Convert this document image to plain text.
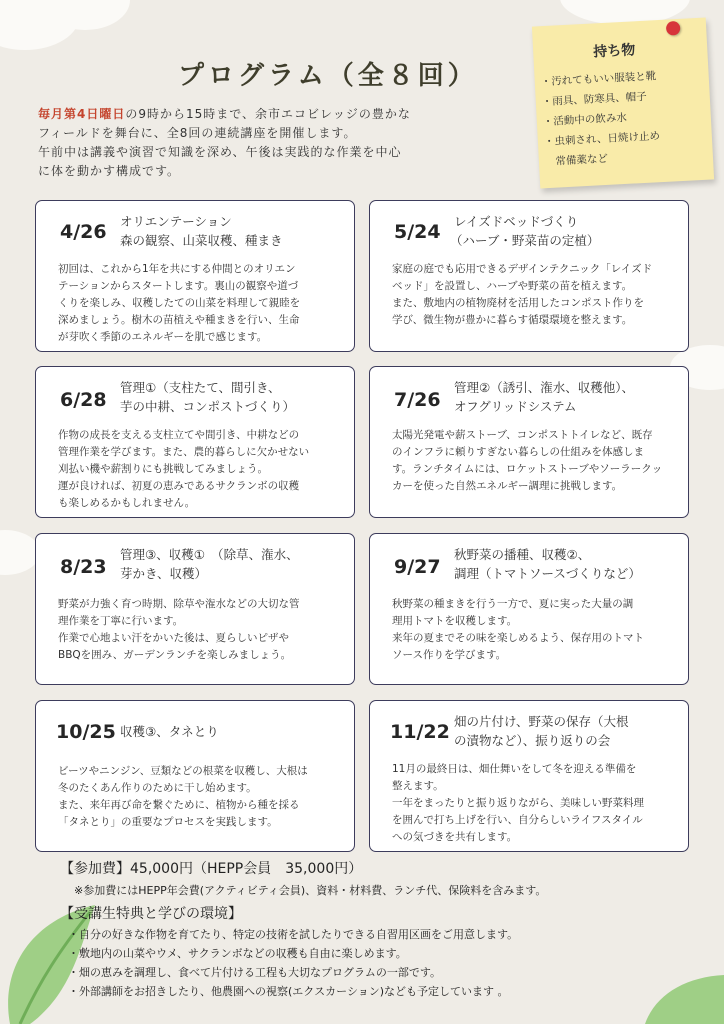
プログラム（全８回）
毎月第4日曜日の9時から15時まで、余市エコビレッジの豊かな
フィールドを舞台に、全8回の連続講座を開催します。
午前中は講義や演習で知識を深め、午後は実践的な作業を中心
に体を動かす構成です。
持ち物
・汚れてもいい服装と靴
・雨具、防寒具、帽子
・活動中の飲み水
・虫刺され、日焼け止め
　常備薬など
4/26 オリエンテーション
森の観察、山菜収穫、種まき
初回は、これから1年を共にする仲間とのオリエン
テーションからスタートします。裏山の観察や道づ
くりを楽しみ、収穫したての山菜を料理して親睦を
深めましょう。樹木の苗植えや種まきを行い、生命
が芽吹く季節のエネルギーを肌で感じます。
5/24 レイズドベッドづくり
（ハーブ・野菜苗の定植）
家庭の庭でも応用できるデザインテクニック「レイズド
ベッド」を設置し、ハーブや野菜の苗を植えます。
また、敷地内の植物廃材を活用したコンポスト作りを
学び、微生物が豊かに暮らす循環環境を整えます。
6/28
管理①（支柱たて、間引き、
芋の中耕、コンポストづくり）
作物の成長を支える支柱立てや間引き、中耕などの
管理作業を学びます。また、農的暮らしに欠かせない
刈払い機や薪割りにも挑戦してみましょう。
運が良ければ、初夏の恵みであるサクランボの収穫
も楽しめるかもしれません。
7/26
管理②（誘引、潅水、収穫他）、
オフグリッドシステム
太陽光発電や薪ストーブ、コンポストトイレなど、既存
のインフラに頼りすぎない暮らしの仕組みを体感しま
す。ランチタイムには、ロケットストーブやソーラークッ
カーを使った自然エネルギー調理に挑戦します。
8/23
管理③、収穫①　（除草、潅水、
芽かき、収穫）
野菜が力強く育つ時期、除草や潅水などの大切な管
理作業を丁寧に行います。
作業で心地よい汗をかいた後は、夏らしいピザや
BBQを囲み、ガーデンランチを楽しみましょう。
9/27
秋野菜の播種、収穫②、
調理（トマトソースづくりなど）
秋野菜の種まきを行う一方で、夏に実った大量の調
理用トマトを収穫します。
来年の夏までその味を楽しめるよう、保存用のトマト
ソース作りを学びます。
10/25 収穫③、タネとり
ビーツやニンジン、豆類などの根菜を収穫し、大根は
冬のたくあん作りのために干し始めます。
また、来年再び命を繋ぐために、植物から種を採る
「タネとり」の重要なプロセスを実践します。
11/22 畑の片付け、野菜の保存（大根
の漬物など）、振り返りの会
11月の最終日は、畑仕舞いをして冬を迎える準備を
整えます。
一年をまったりと振り返りながら、美味しい野菜料理
を囲んで打ち上げを行い、自分らしいライフスタイル
への気づきを共有します。
【参加費】45,000円（HEPP会員　35,000円）
※参加費にはHEPP年会費(アクティビティ会員)、資料・材料費、ランチ代、保険料を含みます。
【受講生特典と学びの環境】
・自分の好きな作物を育てたり、特定の技術を試したりできる自習用区画をご用意します。
・敷地内の山菜やウメ、サクランボなどの収穫も自由に楽しめます。
・畑の恵みを調理し、食べて片付ける工程も大切なプログラムの一部です。
・外部講師をお招きしたり、他農園への視察(エクスカーション)なども予定しています 。
